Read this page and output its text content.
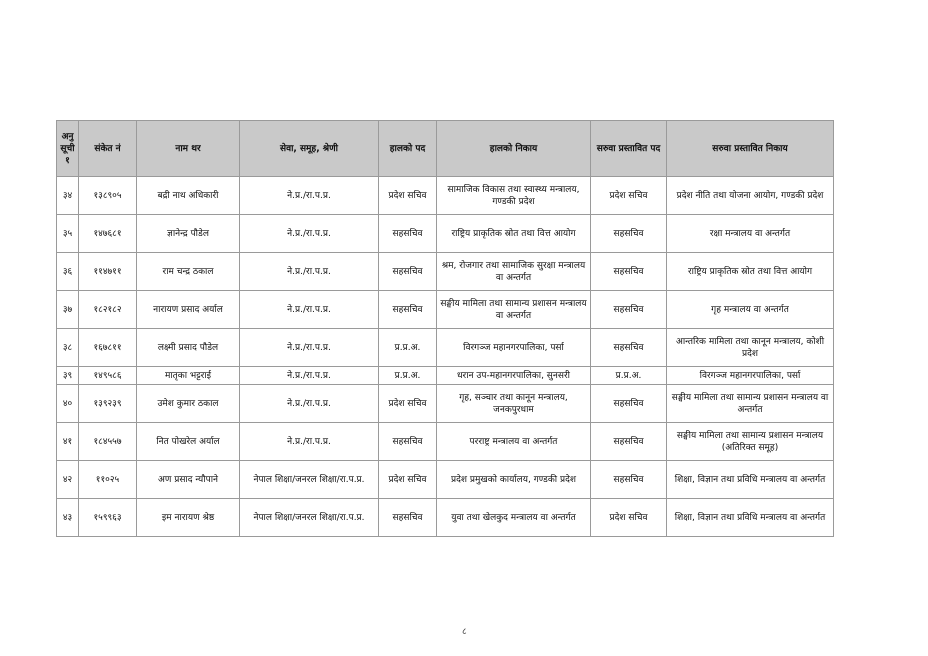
अनु सूची १	संकेत नं	नाम थर	सेवा, समूह, श्रेणी	हालको पद	हालको निकाय	सरुवा प्रस्तावित पद	सरुवा प्रस्तावित निकाय
३४	१३८९०५	बद्री नाथ अधिकारी	ने.प्र./रा.प.प्र.	प्रदेश सचिव	सामाजिक विकास तथा स्वास्थ्य मन्त्रालय, गण्डकी प्रदेश	प्रदेश सचिव	प्रदेश नीति तथा योजना आयोग, गण्डकी प्रदेश
३५	१४७६८१	ज्ञानेन्द्र पौडेल	ने.प्र./रा.प.प्र.	सहसचिव	राष्ट्रिय प्राकृतिक स्रोत तथा वित्त आयोग	सहसचिव	रक्षा मन्त्रालय वा अन्तर्गत
३६	११४७११	राम चन्द्र ठकाल	ने.प्र./रा.प.प्र.	सहसचिव	श्रम, रोजगार तथा सामाजिक सुरक्षा मन्त्रालय वा अन्तर्गत	सहसचिव	राष्ट्रिय प्राकृतिक स्रोत तथा वित्त आयोग
३७	१८२१८२	नारायण प्रसाद अर्याल	ने.प्र./रा.प.प्र.	सहसचिव	सङ्घीय मामिला तथा सामान्य प्रशासन मन्त्रालय वा अन्तर्गत	सहसचिव	गृह मन्त्रालय वा अन्तर्गत
३८	१६७८११	लक्ष्मी प्रसाद पौडेल	ने.प्र./रा.प.प्र.	प्र.प्र.अ.	विरगञ्ज महानगरपालिका, पर्सा	सहसचिव	आन्तरिक मामिला तथा कानून मन्त्रालय, कोशी प्रदेश
३९	१४९५८६	मातृका भट्टराई	ने.प्र./रा.प.प्र.	प्र.प्र.अ.	धरान उप-महानगरपालिका, सुनसरी	प्र.प्र.अ.	विरगञ्ज महानगरपालिका, पर्सा
४०	१३९२३९	उमेश कुमार ठकाल	ने.प्र./रा.प.प्र.	प्रदेश सचिव	गृह, सञ्चार तथा कानून मन्त्रालय, जनकपुरधाम	सहसचिव	सङ्घीय मामिला तथा सामान्य प्रशासन मन्त्रालय वा अन्तर्गत
४१	१८४५५७	नित पोखरेल अर्याल	ने.प्र./रा.प.प्र.	सहसचिव	परराष्ट्र मन्त्रालय वा अन्तर्गत	सहसचिव	सङ्घीय मामिला तथा सामान्य प्रशासन मन्त्रालय (अतिरिक्त समूह)
४२	११०२५	अण प्रसाद न्यौपाने	नेपाल शिक्षा/जनरल शिक्षा/रा.प.प्र.	प्रदेश सचिव	प्रदेश प्रमुखको कार्यालय, गण्डकी प्रदेश	सहसचिव	शिक्षा, विज्ञान तथा प्रविधि मन्त्रालय वा अन्तर्गत
४३	१५९९६३	इम नारायण श्रेष्ठ	नेपाल शिक्षा/जनरल शिक्षा/रा.प.प्र.	सहसचिव	युवा तथा खेलकुद मन्त्रालय वा अन्तर्गत	प्रदेश सचिव	शिक्षा, विज्ञान तथा प्रविधि मन्त्रालय वा अन्तर्गत
८
